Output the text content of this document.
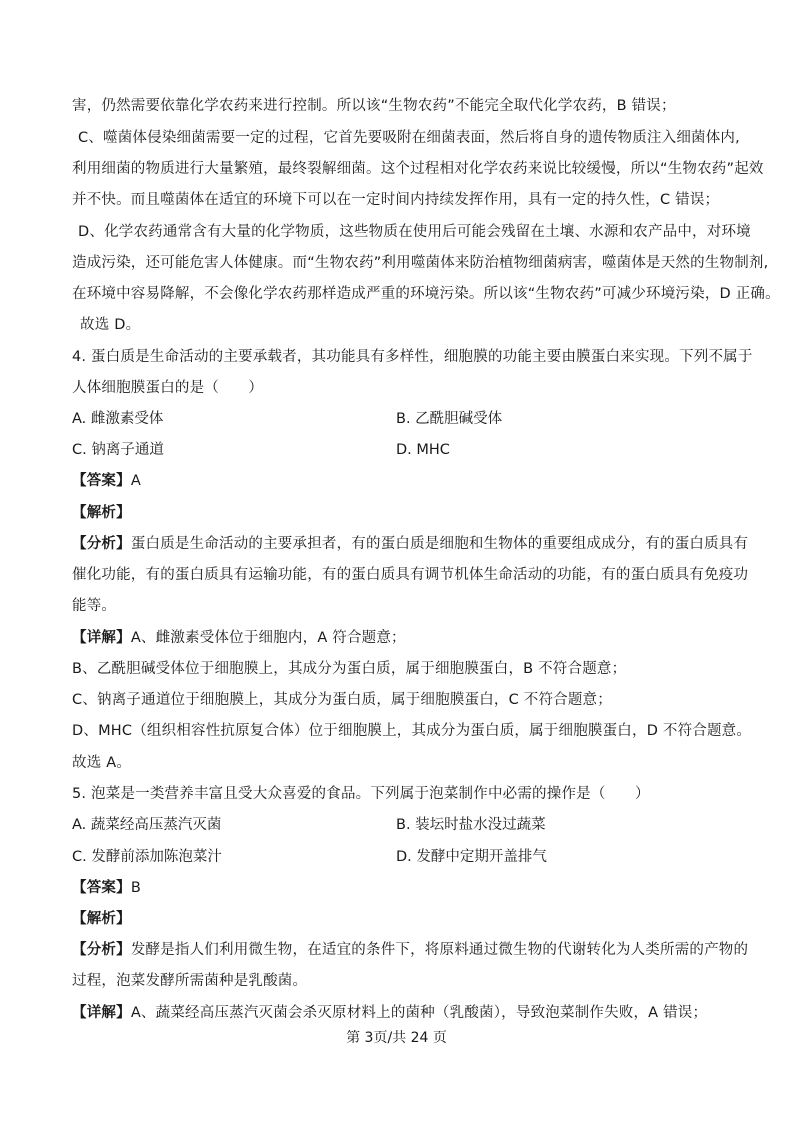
害，仍然需要依靠化学农药来进行控制。所以该“生物农药”不能完全取代化学农药，B 错误；
C、噬菌体侵染细菌需要一定的过程，它首先要吸附在细菌表面，然后将自身的遗传物质注入细菌体内,
利用细菌的物质进行大量繁殖，最终裂解细菌。这个过程相对化学农药来说比较缓慢，所以“生物农药”起效
并不快。而且噬菌体在适宜的环境下可以在一定时间内持续发挥作用，具有一定的持久性，C 错误；
D、化学农药通常含有大量的化学物质，这些物质在使用后可能会残留在土壤、水源和农产品中，对环境
造成污染，还可能危害人体健康。而“生物农药”利用噬菌体来防治植物细菌病害，噬菌体是天然的生物制剂,
在环境中容易降解，不会像化学农药那样造成严重的环境污染。所以该“生物农药”可减少环境污染，D 正确。
故选 D。
4. 蛋白质是生命活动的主要承载者，其功能具有多样性，细胞膜的功能主要由膜蛋白来实现。下列不属于
人体细胞膜蛋白的是（　　）
A. 雌激素受体	B. 乙酰胆碱受体
C. 钠离子通道	D. MHC
【答案】A
【解析】
【分析】蛋白质是生命活动的主要承担者，有的蛋白质是细胞和生物体的重要组成成分，有的蛋白质具有
催化功能，有的蛋白质具有运输功能，有的蛋白质具有调节机体生命活动的功能，有的蛋白质具有免疫功
能等。
【详解】A、雌激素受体位于细胞内，A 符合题意；
B、乙酰胆碱受体位于细胞膜上，其成分为蛋白质，属于细胞膜蛋白，B 不符合题意；
C、钠离子通道位于细胞膜上，其成分为蛋白质，属于细胞膜蛋白，C 不符合题意；
D、MHC（组织相容性抗原复合体）位于细胞膜上，其成分为蛋白质，属于细胞膜蛋白，D 不符合题意。
故选 A。
5. 泡菜是一类营养丰富且受大众喜爱的食品。下列属于泡菜制作中必需的操作是（　　）
A. 蔬菜经高压蒸汽灭菌	B. 装坛时盐水没过蔬菜
C. 发酵前添加陈泡菜汁	D. 发酵中定期开盖排气
【答案】B
【解析】
【分析】发酵是指人们利用微生物，在适宜的条件下，将原料通过微生物的代谢转化为人类所需的产物的
过程，泡菜发酵所需菌种是乳酸菌。
【详解】A、蔬菜经高压蒸汽灭菌会杀灭原材料上的菌种（乳酸菌），导致泡菜制作失败，A 错误；
第 3页/共 24 页
